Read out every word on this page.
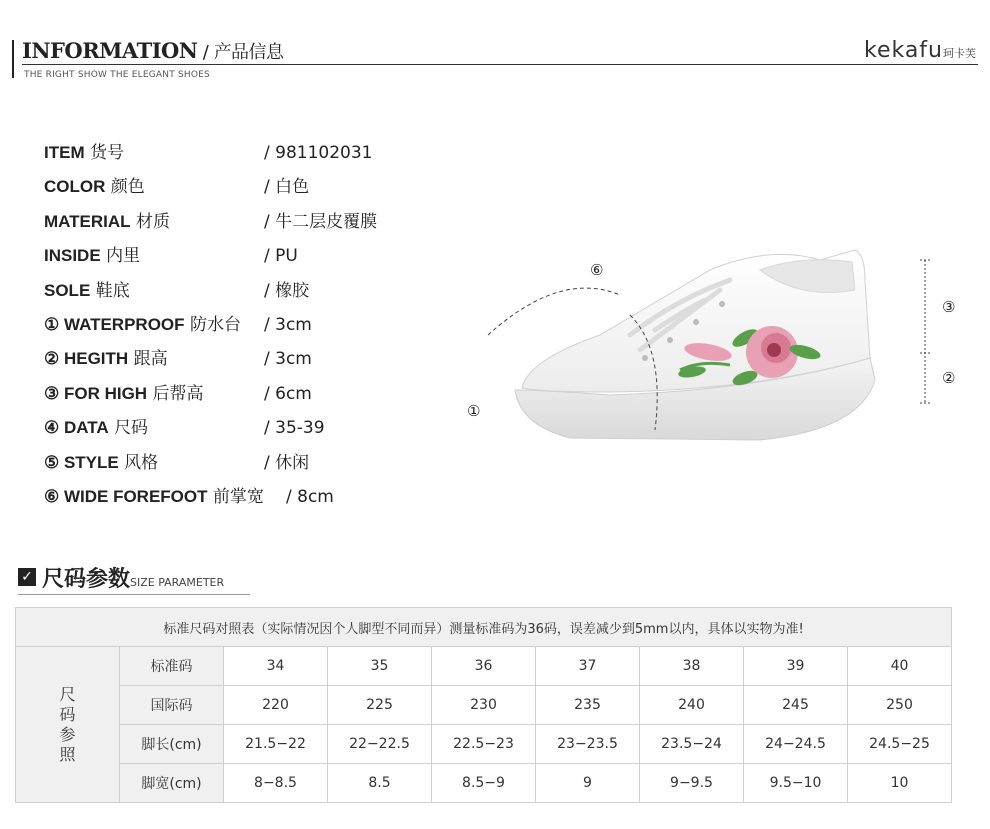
INFORMATION / 产品信息
THE RIGHT SHOW THE ELEGANT SHOES
kekafu珂卡芙
ITEM 货号	/ 981102031
COLOR 颜色	/ 白色
MATERIAL 材质	/ 牛二层皮覆膜
INSIDE 内里	/ PU
SOLE 鞋底	/ 橡胶
① WATERPROOF 防水台 / 3cm
② HEGITH 跟高	/ 3cm
③ FOR HIGH 后帮高	/ 6cm
④ DATA 尺码	/ 35-39
⑤ STYLE 风格	/ 休闲
⑥ WIDE FOREFOOT 前掌宽 / 8cm
⑥
①
③
②
✓ 尺码参数SIZE PARAMETER
标准尺码对照表（实际情况因个人脚型不同而异）测量标准码为36码，误差减少到5mm以内，具体以实物为准!								
尺
码
参
照	标准码	34	35	36	37	38	39	40
	国际码	220	225	230	235	240	245	250
	脚长(cm)	21.5−22	22−22.5	22.5−23	23−23.5	23.5−24	24−24.5	24.5−25
	脚宽(cm)	8−8.5	8.5	8.5−9	9	9−9.5	9.5−10	10
